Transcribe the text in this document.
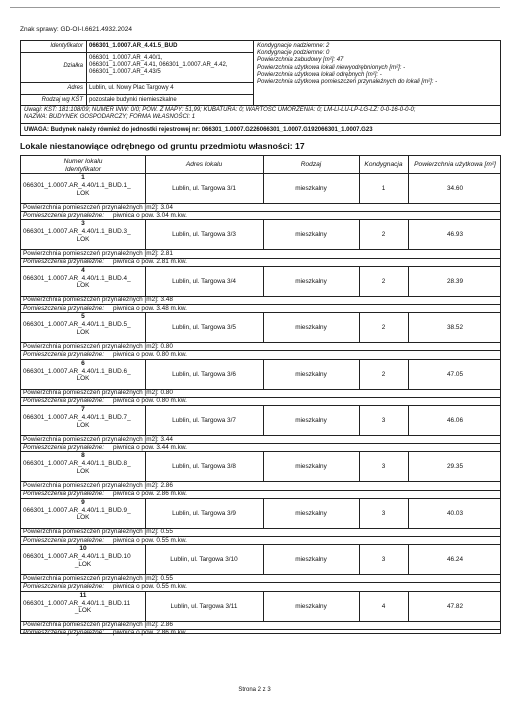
Znak sprawy: GD-OI-I.6621.4932.2024
Identyfikator 066301_1.0007.AR_4.41.5_BUD
Działka
066301_1.0007.AR_4.40/1,
066301_1.0007.AR_4.41, 066301_1.0007.AR_4.42,
066301_1.0007.AR_4.43/5
Adres Lublin, ul. Nowy Plac Targowy 4
Rodzaj wg KŚT pozostałe budynki niemieszkalne
Kondygnacje nadziemne: 2
Kondygnacje podziemne: 0
Powierzchnia zabudowy [m²]: 47
Powierzchnia użytkowa lokali niewyodrębnionych [m²]: -
Powierzchnia użytkowa lokali odrębnych [m²]: -
Powierzchnia użytkowa pomieszczeń przynależnych do lokali [m²]: -
Uwagi: KŚT: 181:108/09; NUMER INW: 0/0; POW. Z MAPY: 51,99; KUBATURA: 0; WARTOŚĆ UMORZENIA: 0; LM-LI-LU-LP-LG-LZ: 0-0-16-0-0-0;
NAZWA: BUDYNEK GOSPODARCZY; FORMA WŁASNOŚCI: 1
UWAGA: Budynek należy również do jednostki rejestrowej nr: 066301_1.0007.G226066301_1.0007.G192066301_1.0007.G23
Lokale niestanowiące odrębnego od gruntu przedmiotu własności: 17
Numer lokalu
Identyfikator
Adres lokalu	Rodzaj	Kondygnacja	Powierzchnia użytkowa [m²]
1
066301_1.0007.AR_4.40/1.1_BUD.1_
LOK
Lublin, ul. Targowa 3/1	mieszkalny	1	34.60
Powierzchnia pomieszczeń przynależnych [m2]: 3.04
Pomieszczenia przynależne: piwnica o pow. 3.04 m.kw.
3
066301_1.0007.AR_4.40/1.1_BUD.3_
LOK
Lublin, ul. Targowa 3/3	mieszkalny	2	46.93
Powierzchnia pomieszczeń przynależnych [m2]: 2.81
Pomieszczenia przynależne: piwnica o pow. 2.81 m.kw.
4
066301_1.0007.AR_4.40/1.1_BUD.4_
LOK
Lublin, ul. Targowa 3/4	mieszkalny	2	28.39
Powierzchnia pomieszczeń przynależnych [m2]: 3.48
Pomieszczenia przynależne: piwnica o pow. 3.48 m.kw.
5
066301_1.0007.AR_4.40/1.1_BUD.5_
LOK
Lublin, ul. Targowa 3/5	mieszkalny	2	38.52
Powierzchnia pomieszczeń przynależnych [m2]: 0.80
Pomieszczenia przynależne: piwnica o pow. 0.80 m.kw.
6
066301_1.0007.AR_4.40/1.1_BUD.6_
LOK
Lublin, ul. Targowa 3/6	mieszkalny	2	47.05
Powierzchnia pomieszczeń przynależnych [m2]: 0.80
Pomieszczenia przynależne: piwnica o pow. 0.80 m.kw.
7
066301_1.0007.AR_4.40/1.1_BUD.7_
LOK
Lublin, ul. Targowa 3/7	mieszkalny	3	46.06
Powierzchnia pomieszczeń przynależnych [m2]: 3.44
Pomieszczenia przynależne: piwnica o pow. 3.44 m.kw.
8
066301_1.0007.AR_4.40/1.1_BUD.8_
LOK
Lublin, ul. Targowa 3/8	mieszkalny	3	29.35
Powierzchnia pomieszczeń przynależnych [m2]: 2.86
Pomieszczenia przynależne: piwnica o pow. 2.86 m.kw.
9
066301_1.0007.AR_4.40/1.1_BUD.9_
LOK
Lublin, ul. Targowa 3/9	mieszkalny	3	40.03
Powierzchnia pomieszczeń przynależnych [m2]: 0.55
Pomieszczenia przynależne: piwnica o pow. 0.55 m.kw.
10
066301_1.0007.AR_4.40/1.1_BUD.10
_LOK
Lublin, ul. Targowa 3/10	mieszkalny	3	46.24
Powierzchnia pomieszczeń przynależnych [m2]: 0.55
Pomieszczenia przynależne: piwnica o pow. 0.55 m.kw.
11
066301_1.0007.AR_4.40/1.1_BUD.11
_LOK
Lublin, ul. Targowa 3/11	mieszkalny	4	47.82
Powierzchnia pomieszczeń przynależnych [m2]: 2.86
Pomieszczenia przynależne: piwnica o pow. 2.86 m.kw.
Strona 2 z 3
